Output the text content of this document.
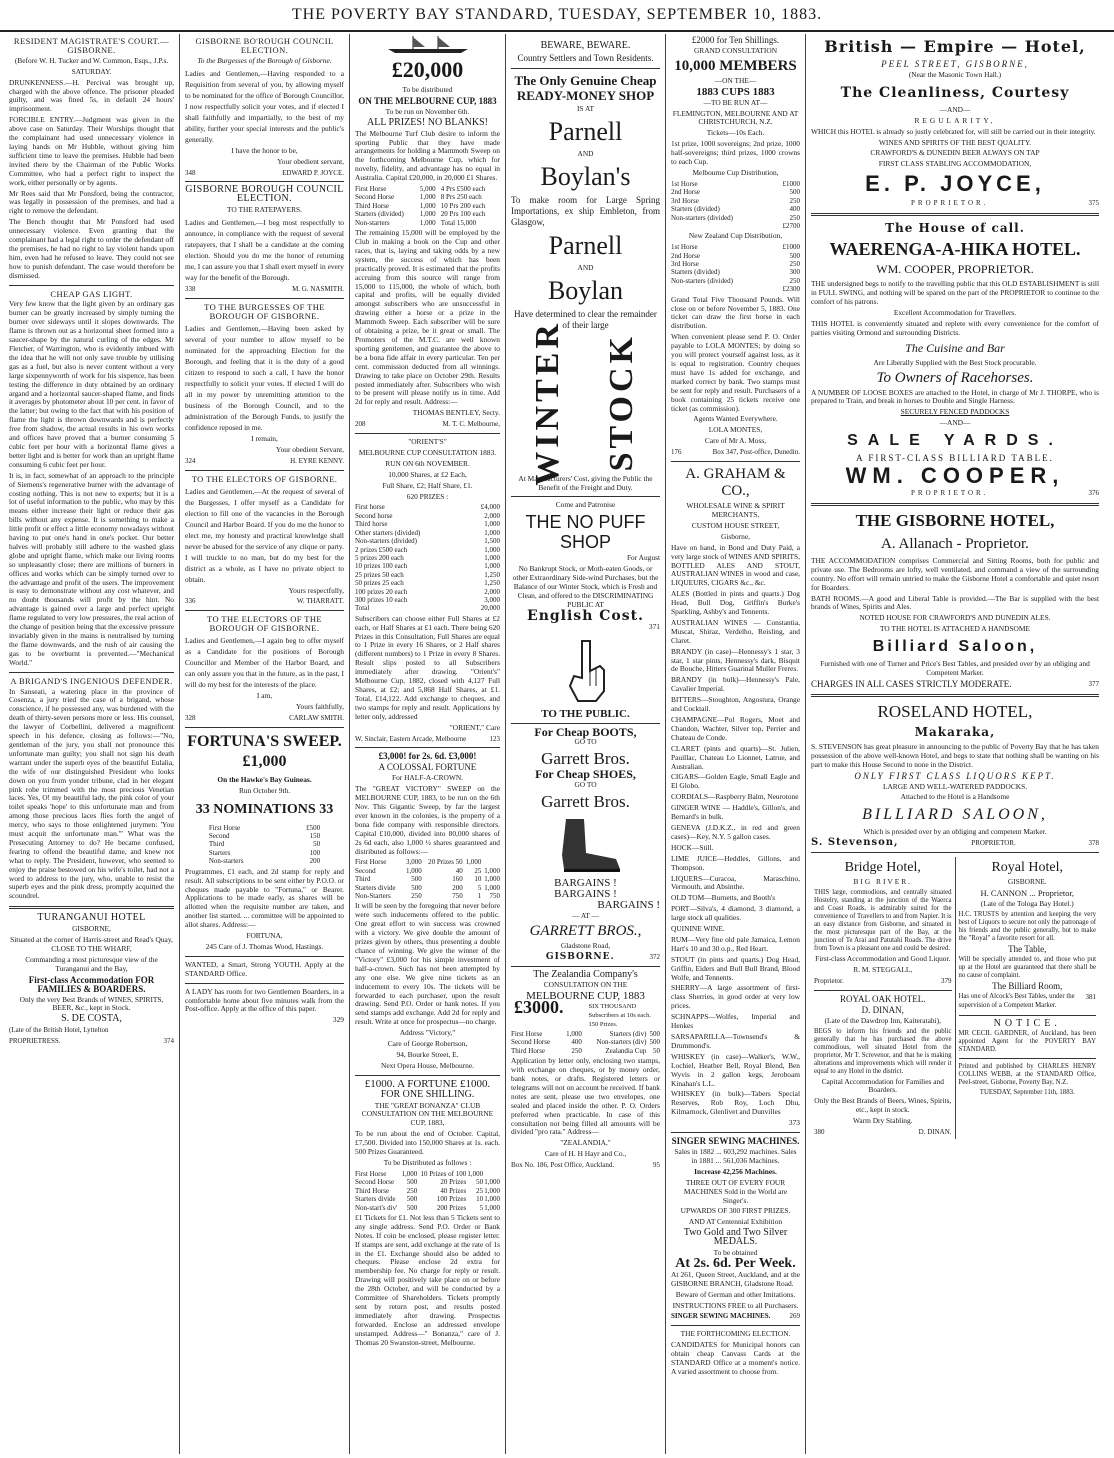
THE POVERTY BAY STANDARD, TUESDAY, SEPTEMBER 10, 1883.
RESIDENT MAGISTRATE'S COURT.—GISBORNE.

(Before W. H. Tucker and W. Common, Esqs., J.P.s.

SATURDAY.

DRUNKENNESS.—H. Percival was brought up, charged with the above offence. The prisoner pleaded guilty, and was fined 5s, in default 24 hours' imprisonment.

FORCIBLE ENTRY.—Judgment was given in the above case on Saturday. Their Worships thought that the complainant had used unnecessary violence in laying hands on Mr Hubble, without giving him sufficient time to leave the premises. Hubble had been invited there by the Chairman of the Public Works Committee, who had a perfect right to inspect the work, either personally or by agents.

Mr Rees said that Mr Ponsford, being the contractor, was legally in possession of the premises, and had a right to remove the defendant.

The Bench thought that Mr Ponsford had used unnecessary violence. Even granting that the complainant had a legal right to order the defendant off the premises, he had no right to lay violent hands upon him, even had he refused to leave. They could not see how to punish defendant. The case would therefore be dismissed.

CHEAP GAS LIGHT.

Very few know that the light given by an ordinary gas burner can be greatly increased by simply turning the burner over sideways until it slopes downwards. The flame is thrown out as a horizontal sheet formed into a saucer-shape by the natural curling of the edges. Mr Fletcher, of Warrington, who is evidently imbued with the idea that he will not only save trouble by utilising gas as a fuel, but also is never content without a very large sixpennyworth of work for his sixpence, has been testing the difference in duty obtained by an ordinary argand and a horizontal saucer-shaped flame, and finds it averages by photometer about 10 per cent. in favor of the latter; but owing to the fact that with his position of flame the light is thrown downwards and is perfectly free from shadow, the actual results in his own works and offices have proved that a burner consuming 5 cubic feet per hour with a horizontal flame gives a better light and is better for work than an upright flame consuming 6 cubic feet per hour.

It is, in fact, somewhat of an approach to the principle of Siemens's regenerative burner with the advantage of costing nothing. This is not new to experts; but it is a lot of useful information to the public, who may by this means either increase their light or reduce their gas bills without any expense. It is something to make a little profit or effect a little economy nowadays without having to put one's hand in one's pocket. Our better halves will probably still adhere to the washed glass globe and upright flame, which make our living rooms so unpleasantly close; there are millions of burners in offices and works which can be simply turned over to the advantage and profit of the users. The improvement is easy to demonstrate without any cost whatever, and no doubt thousands will profit by the hint. No advantage is gained over a large and perfect upright flame regulated to very low pressures, the real action of the change of position being that the excessive pressure invariably given in the mains is neutralised by turning the flame downwards, and the rush of air causing the gas to be overburnt is prevented.—"Mechanical World."

A BRIGAND'S INGENIOUS DEFENDER.

In Sanseati, a watering place in the province of Cosenza, a jury tried the case of a brigand, whose conscience, if he possessed any, was burdened with the death of thirty-seven persons more or less. His counsel, the lawyer of Corbellini, delivered a magnificent speech in his defence, closing as follows:—"No, gentleman of the jury, you shall not pronounce this unfortunate man guilty; you shall not sign his death warrant under the superb eyes of the beautiful Eulalia, the wife of our distinguished President who looks down on you from yonder tribune, clad in her elegant pink robe trimmed with the most precious Venetian laces. Yes, O! my beautiful lady, the pink color of your toilet speaks 'hope' to this unfortunate man and from among those precious laces flies forth the angel of mercy, who says to those enlightened jurymen: 'You must acquit the unfortunate man.'" What was the Presecuting Attorney to do? He became confused, fearing to offend the beautiful dame, and knew not what to reply. The President, however, who seemed to enjoy the praise bestowed on his wife's toilet, had not a word to address to the jury, who, unable to resist the superb eyes and the pink dress, promptly acquitted the scoundrel.

TURANGANUI HOTEL

GISBORNE,

Situated at the corner of Harris-street and Read's Quay, CLOSE TO THE WHARF,

Commanding a most picturesque view of the Turanganui and the Bay,

First-class Accommodation FOR FAMILIES & BOARDERS.

Only the very Best Brands of WINES, SPIRITS, BEER, &c., kept in Stock.

S. DE COSTA,

(Late of the British Hotel, Lyttelton
PROPRIETRESS.	374
GISBORNE BO'ROUGH COUNCIL ELECTION.

To the Burgesses of the Borough of Gisborne.

Ladies and Gentlemen,—Having responded to a Requisition from several of you, by allowing myself to be nominated for the office of Borough Councillor, I now respectfully solicit your votes, and if elected I shall faithfully and impartially, to the best of my ability, further your special interests and the public's generally.

I have the honor to be,

Your obedient servant,

348	EDWARD P. JOYCE.
GISBORNE BOROUGH COUNCIL ELECTION.

TO THE RATEPAYERS.

Ladies and Gentlemen,—I beg most respectfully to announce, in compliance with the request of several ratepayers, that I shall be a candidate at the coming election. Should you do me the honor of returning me, I can assure you that I shall exert myself in every way for the benefit of the Borough.

338	M. G. NASMITH.
TO THE BURGESSES OF THE BOROUGH OF GISBORNE.

Ladies and Gentlemen,—Having been asked by several of your number to allow myself to be nominated for the approaching Election for the Borough, and feeling that it is the duty of a good citizen to respond to such a call, I have the honor respectfully to solicit your votes. If elected I will do all in my power by unremitting attention to the business of the Borough Council, and to the administration of the Borough Funds, to justify the confidence reposed in me.

I remain,

Your obedient Servant,

324	H. EYRE KENNY.
TO THE ELECTORS OF GISBORNE.

Ladies and Gentlemen,—At the request of several of the Burgesses, I offer myself as a Candidate for election to fill one of the vacancies in the Borough Council and Harbor Board. If you do me the honor to elect me, my honesty and practical knowledge shall never be abused for the service of any clique or party. I will truckle to no man, but do my best for the district as a whole, as I have no private object to obtain.

Yours respectfully,

336	W. THARRATT.
TO THE ELECTORS OF THE BOROUGH OF GISBORNE.

Ladies and Gentlemen,—I again beg to offer myself as a Candidate for the positions of Borough Councillor and Member of the Harbor Board, and can only assure you that in the future, as in the past, I will do my best for the interests of the place.

I am,

Yours faithfully,

328	CARLAW SMITH.
FORTUNA'S SWEEP. £1,000

On the Hawke's Bay Guineas.

Run October 9th.

33 NOMINATIONS 33
First Horse	£500
Second	150
Third	50
Starters	100
Non-starters	200

Programmes, £1 each, and 2d stamp for reply and result. All subscriptions to be sent either by P.O.O. or cheques made payable to "Fortuna," or Bearer. Applications to be made early, as shares will be allotted when the requisite number are taken, and another list started. ... committee will be appointed to allot shares. Address:—

FORTUNA,

245 Care of J. Thomas Wood, Hastings.

WANTED, a Smart, Strong YOUTH. Apply at the STANDARD Office.

A LADY has room for two Gentlemen Boarders, in a comfortable home about five minutes walk from the Post-office. Apply at the office of this paper.

329

£20,000

To be distributed

ON THE MELBOURNE CUP, 1883

To be run on November 6th.

ALL PRIZES! NO BLANKS!

The Melbourne Turf Club desire to inform the sporting Public that they have made arrangements for holding a Mammoth Sweep on the forthcoming Melbourne Cup, which for novelty, fidelity, and advantage has no equal in Australia. Capital £20,000, in 20,000 £1 Shares.

First Horse	5,000	4 Prs £500 each
Second Horse	1,000	8 Prs 250 each
Third Horse	1,000	10 Prs 200 each
Starters (divided)	1,000	20 Prs 100 each
Non-starters	1,000	Total 15,000

The remaining 15,000 will be employed by the Club in making a book on the Cup and other races, that is, laying and taking odds by a new system, the success of which has been practically proved. It is estimated that the profits accruing from this source will range from 15,000 to 115,000, the whole of which, both capital and profits, will be equally divided amongst subscribers who are unsuccessful in drawing either a horse or a prize in the Mammoth Sweep. Each subscriber will be sure of obtaining a prize, be it great or small. The Promoters of the M.T.C. are well known sporting gentlemen, and guarantee the above to be a bona fide affair in every particular. Ten per cent. commission deducted from all winnings. Drawing to take place on October 29th. Results posted immediately after. Subscribers who wish to be present will please notify us in time. Add 2d for reply and result. Address:—

THOMAS BENTLEY, Secty.

208	M. T. C. Melbourne,

"ORIENT'S"

MELBOURNE CUP CONSULTATION 1883.

RUN ON 6th NOVEMBER.

10,000 Shares, at £2 Each,

Full Share, £2; Half Share, £1.

620 PRIZES :

First horse	£4,000
Second horse	2,000
Third horse	1,000
Other starters (divided)	1,000
Non-starters (divided)	1,500
2 prizes £500 each	1,000
5 prizes 200 each	1,000
10 prizes 100 each	1,000
25 prizes 50 each	1,250
50 prizes 25 each	1,250
100 prizes 20 each	2,000
300 prizes 10 each	3,000
Total	20,000

Subscribers can choose either Full Shares at £2 each, or Half Shares at £1 each. There being 620 Prizes in this Consultation, Full Shares are equal to 1 Prize in every 16 Shares, or 2 Half shares (different numbers) to 1 Prize in every 8 Shares. Result slips posted to all Subscribers immediately after drawing. "Orient's" Melbourne Cup, 1882, closed with 4,127 Full Shares, at £2; and 5,868 Half Shares, at £1. Total, £14,122. Add exchange to cheques, and two stamps for reply and result. Applications by letter only, addressed

"ORIENT," Care

W. Sinclair, Eastern Arcade, Melbourne	123

£3,000! for 2s. 6d. £3,000!

A COLOSSAL FORTUNE

For HALF-A-CROWN.

The "GREAT VICTORY" SWEEP on the MELBOURNE CUP, 1883, to be run on the 6th Nov. This Gigantic Sweep, by far the largest ever known in the colonies, is the property of a bona fide company with responsible directors. Capital £10,000, divided into 80,000 shares of 2s 6d each, also 1,000 ½ shares guaranteed and distributed as follows:—

First Horse	3,000	20 Prizes 50	1,000	
Second	1,000	40	25	1,000
Third	500	160	10	1,000
Starters divide	500	200	5	1,000
Non-Starters	250	750	1	750

It will be seen by the foregoing that never before were such inducements offered to the public. One great effort to win success was crowned with a victory. We give double the amount of prizes given by others, thus presenting a double chance of winning. We give the winner of the "Victory" £3,000 for his simple investment of half-a-crown. Such has not been attempted by any one else. We give nine tickets as an inducement to every 10s. The tickets will be forwarded to each purchaser, upon the result drawing. Send P.O. Order or bank notes. If you send stamps add exchange. Add 2d for reply and result. Write at once for prospectus—no charge.

Address "Victory,"

Care of George Robertson,

94, Bourke Street, E.

Next Opera House, Melbourne.

£1000. A FORTUNE £1000.

FOR ONE SHILLING.

THE "GREAT BONANZA" CLUB CONSULTATION ON THE MELBOURNE CUP, 1883,

To be run about the end of October. Capital, £7,500. Divided into 150,000 Shares at 1s. each. 500 Prizes Guaranteed.

To be Distributed as follows :

First Horse	1,000	10 Prizes of 100	1,000	
Second Horse	500	20 Prizes	50	1,000
Third Horse	250	40 Prizes	25	1,000
Starters divide	500	100 Prizes	10	1,000
Non-start's div'	500	200 Prizes	5	1,000

£1 Tickets for £1. Not less than 5 Tickets sent to any single address. Send P.O. Order or Bank Notes. If coin be enclosed, please register letter. If stamps are sent, add exchange at the rate of 1s in the £1. Exchange should also be added to cheques. Please enclose 2d extra for membership fee. No charge for reply or result. Drawing will positively take place on or before the 28th October, and will be conducted by a Committee of Shareholders. Tickets promptly sent by return post, and results posted immediately after drawing. Prospectus forwarded. Enclose an addressed envelope unstamped. Address—" Bonanza," care of J. Thomas 20 Swanston-street, Melbourne.

BEWARE, BEWARE.

Country Settlers and Town Residents.

The Only Genuine Cheap READY-MONEY SHOP

IS AT

Parnell

AND

Boylan's

To make room for Large Spring Importations, ex ship Embleton, from Glasgow,

Parnell

AND

Boylan

Have determined to clear the remainder of their large

WINTER STOCK

At Manufacturers' Cost, giving the Public the Benefit of the Freight and Duty.

Come and Patronise

THE NO PUFF SHOP

For August

No Bankrupt Stock, or Moth-eaten Goods, or other Extraordinary Side-wind Purchases, but the Balance of our Winter Stock, which is Fresh and Clean, and offered to the DISCRIMINATING PUBLIC AT

English Cost.

371

TO THE PUBLIC.

For Cheap BOOTS,

GO TO

Garrett Bros.

For Cheap SHOES,

GO TO

Garrett Bros.

BARGAINS !

BARGAINS !

BARGAINS !

— AT —

GARRETT BROS.,

Gladstone Road,

GISBORNE.	372

The Zealandia Company's

CONSULTATION ON THE

MELBOURNE CUP, 1883

£3000.	SIX THOUSAND Subscribers at 10s each. 150 Prizes.
First Horse	1,000	Starters (div)	500
Second Horse	400	Non-starters (div)	500
Third Horse	250	Zealandia Cup	50

Application by letter only, enclosing two stamps, with exchange on cheques, or by money order, bank notes, or drafts. Registered letters or telegrams will not on account be received. If bank notes are sent, please use two envelopes, one sealed and placed inside the other. P. O. Orders preferred when practicable. In case of this consultation not being filled all amounts will be divided "pro rata." Address—

"ZEALANDIA,"

Care of H. H Hayr and Co.,

Box No. 186, Post Office, Auckland.	95

£2000 for Ten Shillings.

GRAND CONSULTATION

10,000 MEMBERS

—ON THE—

1883 CUPS 1883

—TO BE RUN AT—

FLEMINGTON, MELBOURNE AND AT CHRISTCHURCH, N.Z.

Tickets—10s Each.

1st prize, 1000 sovereigns; 2nd prize, 1000 half-sovereigns; third prizes, 1000 crowns to each Cup.

Melbourne Cup Distribution,

1st Horse	£1000
2nd Horse	500
3rd Horse	250
Starters (divided)	400
Non-starters (divided)	250
	£2700

New Zealand Cup Distribution,

1st Horse	£1000
2nd Horse	500
3rd Horse	250
Starters (divided)	300
Non-starters (divided)	250
	£2300

Grand Total Five Thousand Pounds. Will close on or before November 5, 1883. One ticket can draw the first horse in each distribution.

When convenient please send P. O. Order payable to LOLA MONTES; by doing so you will protect yourself against loss, as it is equal to registration. Country cheques must have 1s added for exchange, and marked correct by bank. Two stamps must be sent for reply and result. Purchasers of a book containing 25 tickets receive one ticket (as commission).

Agents Wanted Everywhere.

LOLA MONTES,

Care of Mr A. Moss,

176	Box 347, Post-office, Dunedin.

A. GRAHAM & CO.,

WHOLESALE WINE & SPIRIT MERCHANTS,

CUSTOM HOUSE STREET,

Gisborne,

Have on hand, in Bond and Duty Paid, a very large stock of WINES AND SPIRITS, BOTTLED ALES AND STOUT, AUSTRALIAN WINES in wood and case, LIQUEURS, CIGARS &c., &c.

ALES (Bottled in pints and quarts.) Dog Head, Bull Dog, Griffin's Burke's Sparkling, Ashby's and Tennents.

AUSTRALIAN WINES — Constantia, Muscat, Shiraz, Verdelho, Reisling, and Claret.

BRANDY (in case)—Hennessy's 1 star, 3 star, 1 star pints, Hennessy's dark, Bisquit de Bouche, Hitters Guarinal Muller Freres.

BRANDY (in bulk)—Hennessy's Pale, Cavalier Imperial.

BITTERS—Stoughton, Angostura, Orange and Cocktail.

CHAMPAGNE—Pol Rogers, Moet and Chandon, Wachter, Silver top, Perrier and Chateau de Conde.

CLARET (pints and quarts)—St. Julien, Pauillac, Chateau Lo Lionnet, Latrue, and Australian.

CIGARS—Golden Eagle, Small Eagle and El Globo.

CORDIALS—Raspberry Balm, Neurotone

GINGER WINE — Haddle's, Gillon's, and Bernard's in bulk.

GENEVA (J.D.K.Z., in red and green cases)—Key, N.Y. 5 gallon cases.

HOCK—Still.

LIME JUICE—Heddles, Gillons, and Thompson.

LIQUERS—Curacoa, Maraschino, Vermouth, and Absinthe.

OLD TOM—Burnetts, and Booth's

PORT—Silva's, 4 diamond, 3 diamond, a large stock all qualities.

QUININE WINE.

RUM—Very fine old pale Jamaica, Lemon Hart's 10 and 30 o.p., Red Heart.

STOUT (in pints and quarts.) Dog Head, Griffin, Eiders and Bull Bull Brand, Blood Wolfe, and Tennents.

SHERRY—A large assortment of first-class Sherries, in good order at very low prices.

SCHNAPPS—Wolfes, Imperial and Henkes

SARSAPARILLA—Townsend's & Drummond's.

WHISKEY (in case)—Walker's, W.W., Lochiel, Heather Bell, Royal Blend, Ben Wyvis in 2 gallon kegs, Jeroboam Kinahan's L.L.

WHISKEY (in bulk)—Tabers Special Reserves, Rob Roy, Loch Dhu, Kilmarnock, Glenlivet and Dunvilles

373

SINGER SEWING MACHINES.

Sales in 1882 ... 603,292 machines. Sales in 1881 ... 561,036 Machines.

Increase 42,256 Machines.

THREE OUT OF EVERY FOUR MACHINES Sold in the World are Singer's.

UPWARDS OF 300 FIRST PRIZES.

AND AT Centennial Exhibition

Two Gold and Two Silver MEDALS.

To be obtained

At 2s. 6d. Per Week.

At 261, Queen Street, Auckland, and at the GISBORNE BRANCH, Gladstone Road.

Beware of German and other Imitations.

INSTRUCTIONS FREE to all Purchasers.

SINGER SEWING MACHINES.	269

THE FORTHCOMING ELECTION.

CANDIDATES for Municipal honors can obtain cheap Canvass Cards at the STANDARD Office at a moment's notice. A varied assortment to choose from.

British — Empire — Hotel,

PEEL STREET, GISBORNE,

(Near the Masonic Town Hall.)

The Cleanliness, Courtesy

—AND—

REGULARITY,

WHICH this HOTEL is already so justly celebrated for, will still be carried out in their integrity.

WINES AND SPIRITS OF THE BEST QUALITY.

CRAWFORD'S & DUNEDIN BEER ALWAYS ON TAP

FIRST CLASS STABLING ACCOMMODATION,

E. P. JOYCE,

PROPRIETOR.	375

The House of call.

WAERENGA-A-HIKA HOTEL.

WM. COOPER, PROPRIETOR.

THE undersigned begs to notify to the travelling public that this OLD ESTABLISHMENT is still in FULL SWING, and nothing will be spared on the part of the PROPRIETOR to continue to the comfort of his patrons.

Excellent Accommodation for Travellers.

THIS HOTEL is conveniently situated and replete with every convenience for the comfort of parties visiting Ormond and surrounding Districts.

The Cuisine and Bar

Are Liberally Supplied with the Best Stock procurable.

To Owners of Racehorses.

A NUMBER OF LOOSE BOXES are attached to the Hotel, in charge of Mr J. THORPE, who is prepared to Train, and break in horses to Double and Single Harness.

SECURELY FENCED PADDOCKS

—AND—

SALE YARDS.

A FIRST-CLASS BILLIARD TABLE.

WM. COOPER,

PROPRIETOR.	376

THE GISBORNE HOTEL,

A. Allanach - Proprietor.

THE ACCOMMODATION comprises Commercial and Sitting Rooms, both for public and private use. The Bedrooms are lofty, well ventilated, and command a view of the surrounding country. No effort will remain untried to make the Gisborne Hotel a comfortable and quiet resort for Boarders.

BATH ROOMS.—A good and Liberal Table is provided.—The Bar is supplied with the best brands of Wines, Spirits and Ales.

NOTED HOUSE FOR CRAWFORD'S AND DUNEDIN ALES.

TO THE HOTEL IS ATTACHED A HANDSOME

Billiard Saloon,

Furnished with one of Turner and Price's Best Tables, and presided over by an obliging and Competent Marker.

CHARGES IN ALL CASES STRICTLY MODERATE.	377

ROSELAND HOTEL,

Makaraka,

S. STEVENSON has great pleasure in announcing to the public of Poverty Bay that he has taken possession of the above well-known Hotel, and begs to state that nothing shall be wanting on his part to make this House Second to none in the District.

ONLY FIRST CLASS LIQUORS KEPT.

LARGE AND WELL-WATERED PADDOCKS.

Attached to the Hotel is a Handsome

BILLIARD SALOON,

Which is presided over by an obliging and competent Marker.

S. Stevenson,	PROPRIETOR.	378

Bridge Hotel,

BIG RIVER.

THIS large, commodious, and centrally situated Hostelry, standing at the junction of the Waerca and Coast Roads, is admirably suited for the convenience of Travellers to and from Napier. It is an easy distance from Gisborne, and situated in the most picturesque part of the Bay, at the junction of Te Arai and Patutahi Roads. The drive from Town is a pleasant one and could be desired.

First-class Accommodation and Good Liquor.

R. M. STEGGALL,

Proprietor.	379

ROYAL OAK HOTEL.

D. DINAN,

(Late of the Dawdrop Inn, Kaiteratahi),

BEGS to inform his friends and the public generally that he has purchased the above commodious, well situated Hotel from the proprietor, Mr T. Screvenor, and that he is making alterations and improvements which will render it equal to any Hotel in the district.

Capital Accommodation for Families and Boarders.

Only the Best Brands of Beers, Wines, Spirits, etc., kept in stock.

Warm Dry Stabling.

380	D. DINAN.

Royal Hotel,

GISBORNE.

H. CANNON ... Proprietor,

(Late of the Tologa Bay Hotel.)

H.C. TRUSTS by attention and keeping the very best of Liquors to secure not only the patronage of his friends and the public generally, but to make the "Royal" a favorite resort for all.

The Table,

Will be specially attended to, and those who put up at the Hotel are guaranteed that there shall be no cause of complaint.

The Billiard Room,

Has one of Alcock's Best Tables, under the supervision of a Competent Marker.
381

NOTICE.

MR CECIL GARDNER, of Auckland, has been appointed Agent for the POVERTY BAY STANDARD.

Printed and published by CHARLES HENRY COLLINS WEBB, at the STANDARD Office, Peel-street, Gisborne, Poverty Bay, N.Z.

TUESDAY, September 11th, 1883.
